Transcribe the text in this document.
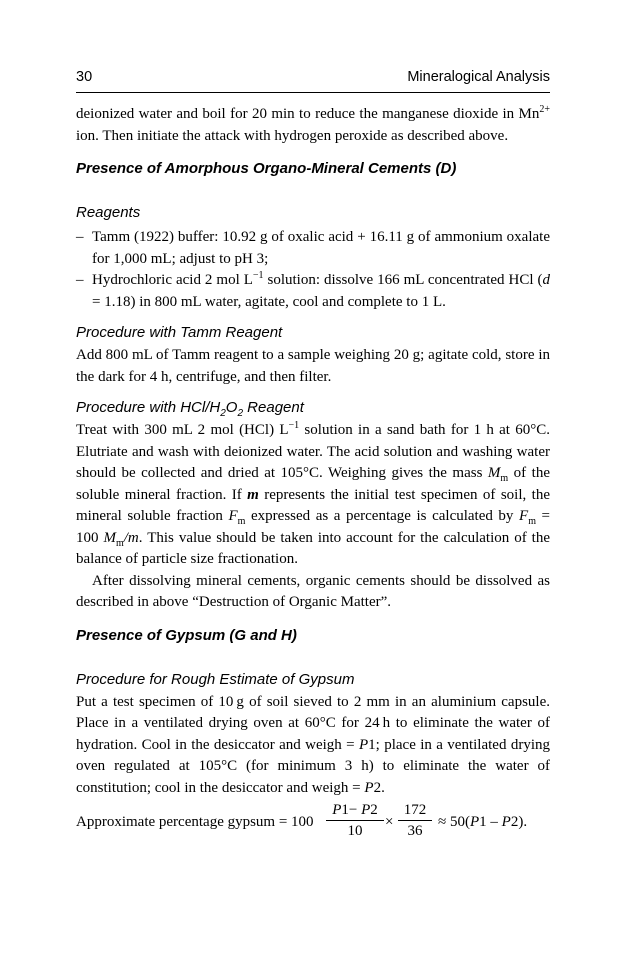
30	Mineralogical Analysis

deionized water and boil for 20 min to reduce the manganese dioxide in $Mn^{2+}$ ion. Then initiate the attack with hydrogen peroxide as described above.

Presence of Amorphous Organo-Mineral Cements (D)
Reagents
– Tamm (1922) buffer: 10.92 g of oxalic acid + 16.11 g of ammonium oxalate for 1,000 mL; adjust to pH 3;
– Hydrochloric acid 2 mol $L^{-1}$ solution: dissolve 166 mL concentrated HCl (d = 1.18) in 800 mL water, agitate, cool and complete to 1 L.
Procedure with Tamm Reagent

Add 800 mL of Tamm reagent to a sample weighing 20 g; agitate cold, store in the dark for 4 h, centrifuge, and then filter.

Procedure with HCl/$H_2O_2$ Reagent

Treat with 300 mL 2 mol (HCl) $L^{-1}$ solution in a sand bath for 1 h at 60°C. Elutriate and wash with deionized water. The acid solution and washing water should be collected and dried at 105°C. Weighing gives the mass $M_m$ of the soluble mineral fraction. If m represents the initial test specimen of soil, the mineral soluble fraction $F_m$ expressed as a percentage is calculated by $F_m = 100$ $M_m/m$. This value should be taken into account for the calculation of the balance of particle size fractionation.

After dissolving mineral cements, organic cements should be dissolved as described in above “Destruction of Organic Matter”.

Presence of Gypsum (G and H)
Procedure for Rough Estimate of Gypsum

Put a test specimen of 10 g of soil sieved to 2 mm in an aluminium capsule. Place in a ventilated drying oven at 60°C for 24 h to eliminate the water of hydration. Cool in the desiccator and weigh = P1; place in a ventilated drying oven regulated at 105°C (for minimum 3 h) to eliminate the water of constitution; cool in the desiccator and weigh = P2.

Approximate percentage gypsum = $100 \frac{P1- P2}{10} \times \frac{172}{36} \approx 50(P1 - P2)$.
